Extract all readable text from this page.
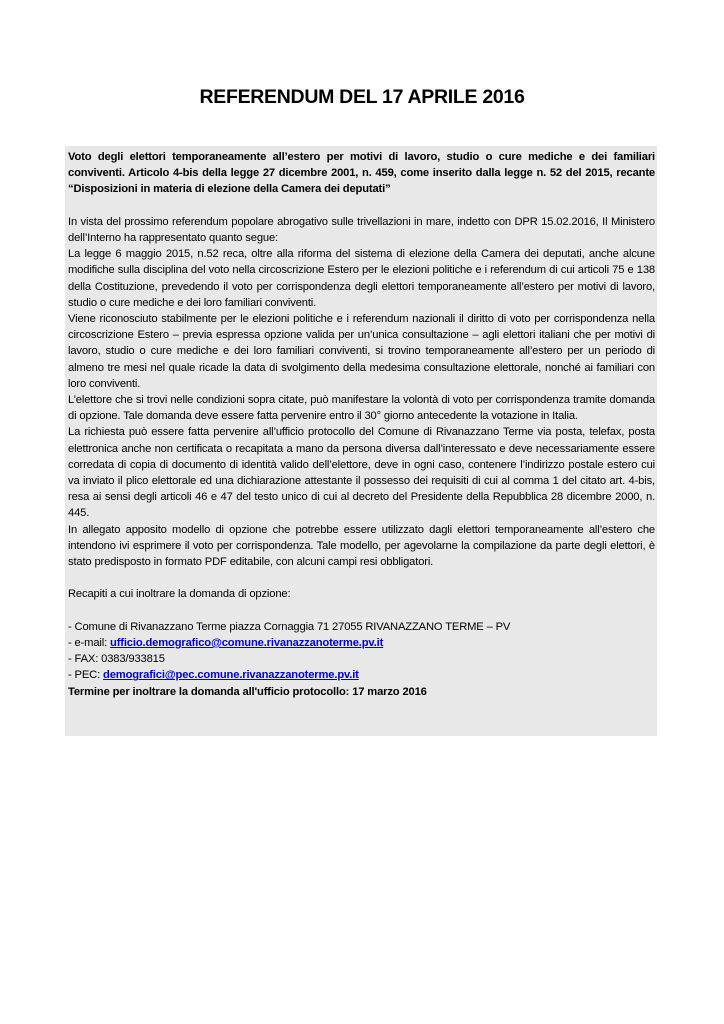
REFERENDUM DEL 17 APRILE 2016

Voto degli elettori temporaneamente all’estero per motivi di lavoro, studio o cure mediche e dei familiari conviventi. Articolo 4-bis della legge 27 dicembre 2001, n. 459, come inserito dalla legge n. 52 del 2015, recante “Disposizioni in materia di elezione della Camera dei deputati”

In vista del prossimo referendum popolare abrogativo sulle trivellazioni in mare, indetto con DPR 15.02.2016, Il Ministero dell’Interno ha rappresentato quanto segue:

La legge 6 maggio 2015, n.52 reca, oltre alla riforma del sistema di elezione della Camera dei deputati, anche alcune modifiche sulla disciplina del voto nella circoscrizione Estero per le elezioni politiche e i referendum di cui articoli 75 e 138 della Costituzione, prevedendo il voto per corrispondenza degli elettori temporaneamente all’estero per motivi di lavoro, studio o cure mediche e dei loro familiari conviventi.

Viene riconosciuto stabilmente per le elezioni politiche e i referendum nazionali il diritto di voto per corrispondenza nella circoscrizione Estero – previa espressa opzione valida per un’unica consultazione – agli elettori italiani che per motivi di lavoro, studio o cure mediche e dei loro familiari conviventi, si trovino temporaneamente all’estero per un periodo di almeno tre mesi nel quale ricade la data di svolgimento della medesima consultazione elettorale, nonché ai familiari con loro conviventi.

L’elettore che si trovi nelle condizioni sopra citate, può manifestare la volontà di voto per corrispondenza tramite domanda di opzione. Tale domanda deve essere fatta pervenire entro il 30° giorno antecedente la votazione in Italia.

La richiesta può essere fatta pervenire all’ufficio protocollo del Comune di Rivanazzano Terme via posta, telefax, posta elettronica anche non certificata o recapitata a mano da persona diversa dall’interessato e deve necessariamente essere corredata di copia di documento di identità valido dell’elettore, deve in ogni caso, contenere l’indirizzo postale estero cui va inviato il plico elettorale ed una dichiarazione attestante il possesso dei requisiti di cui al comma 1 del citato art. 4-bis, resa ai sensi degli articoli 46 e 47 del testo unico di cui al decreto del Presidente della Repubblica 28 dicembre 2000, n. 445.

In allegato apposito modello di opzione che potrebbe essere utilizzato dagli elettori temporaneamente all’estero che intendono ivi esprimere il voto per corrispondenza. Tale modello, per agevolarne la compilazione da parte degli elettori, è stato predisposto in formato PDF editabile, con alcuni campi resi obbligatori.

Recapiti a cui inoltrare la domanda di opzione:

- Comune di Rivanazzano Terme piazza Cornaggia 71 27055 RIVANAZZANO TERME – PV

- e-mail: ufficio.demografico@comune.rivanazzanoterme.pv.it

- FAX: 0383/933815

- PEC: demografici@pec.comune.rivanazzanoterme.pv.it

Termine per inoltrare la domanda all'ufficio protocollo: 17 marzo 2016
